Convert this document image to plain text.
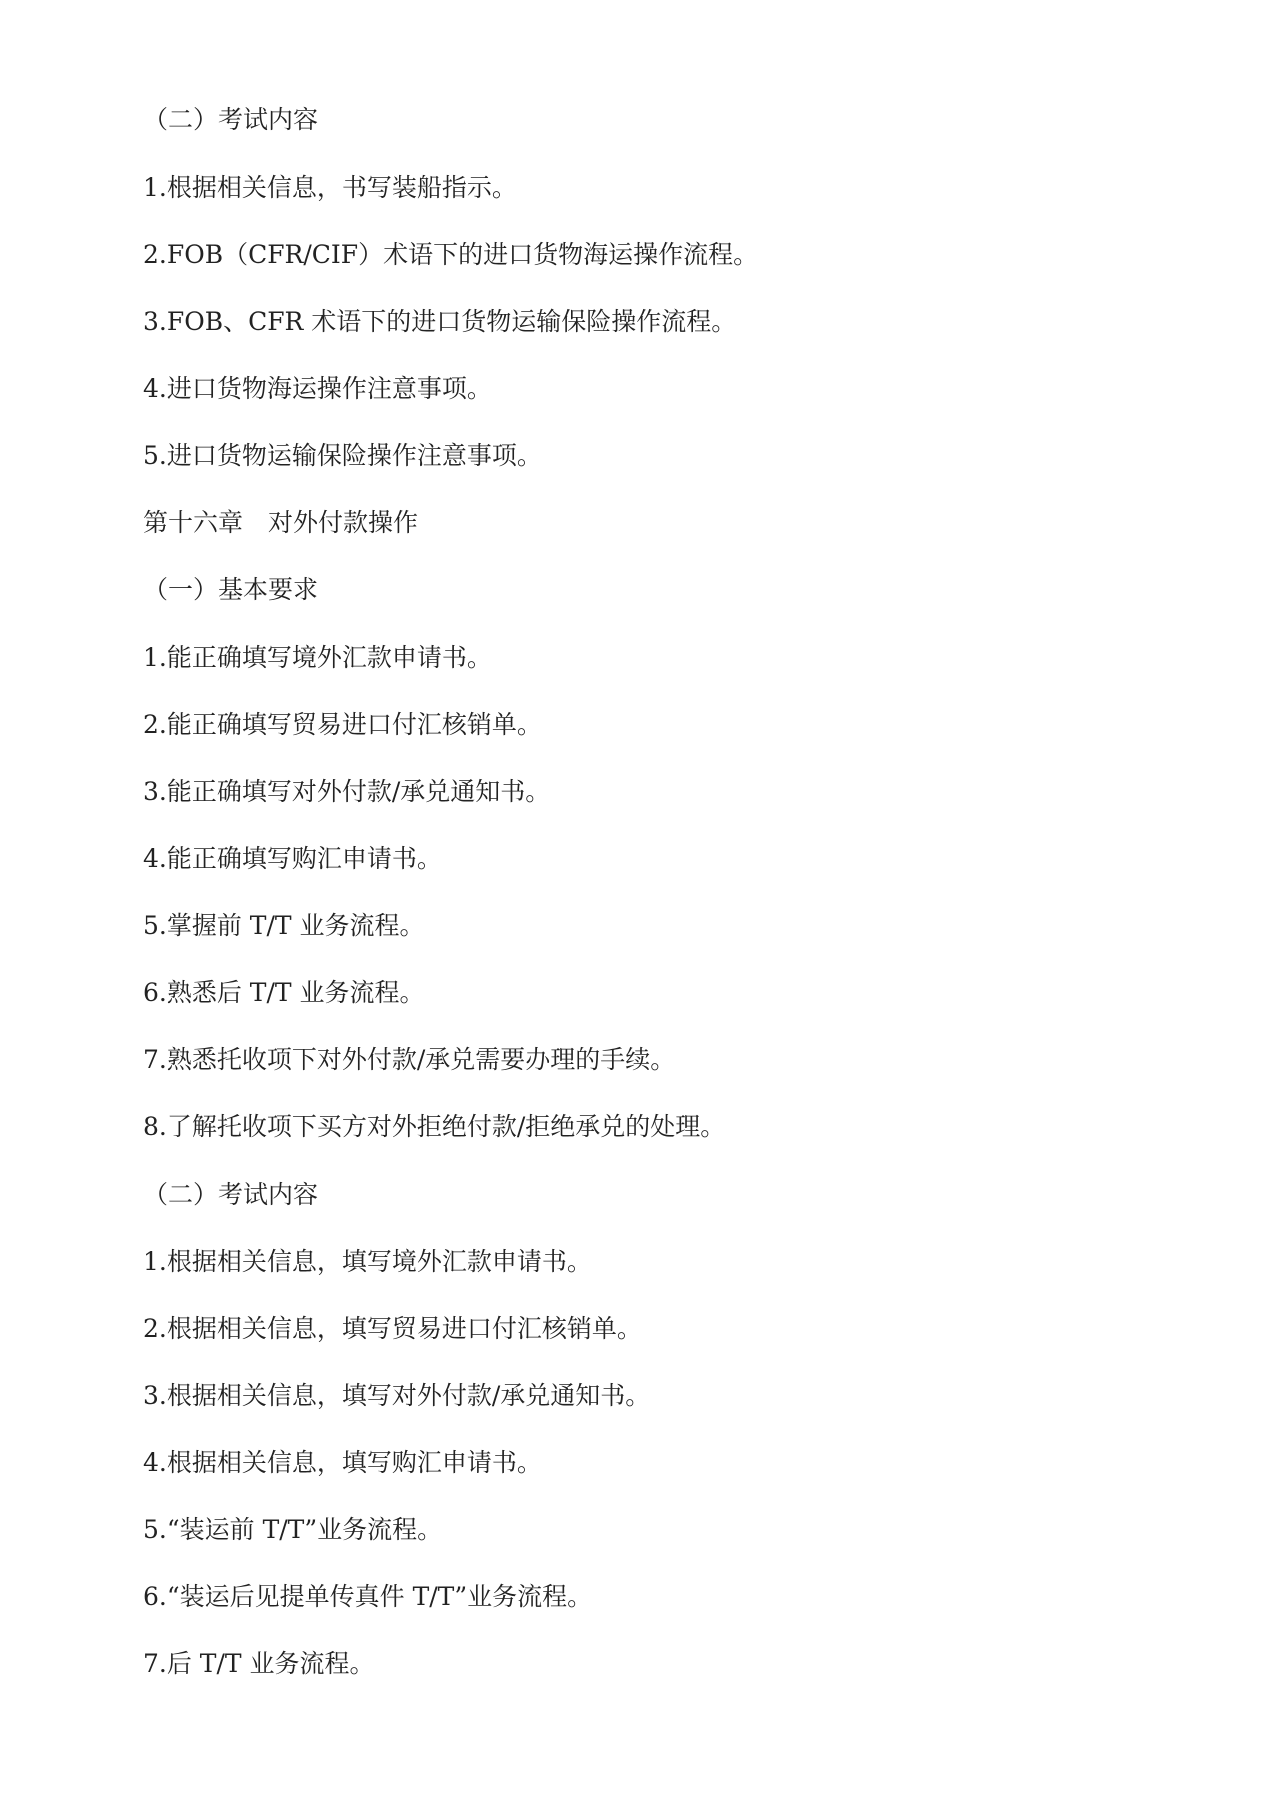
（二）考试内容
1.根据相关信息，书写装船指示。
2.FOB（CFR/CIF）术语下的进口货物海运操作流程。
3.FOB、CFR 术语下的进口货物运输保险操作流程。
4.进口货物海运操作注意事项。
5.进口货物运输保险操作注意事项。
第十六章　对外付款操作
（一）基本要求
1.能正确填写境外汇款申请书。
2.能正确填写贸易进口付汇核销单。
3.能正确填写对外付款/承兑通知书。
4.能正确填写购汇申请书。
5.掌握前 T/T 业务流程。
6.熟悉后 T/T 业务流程。
7.熟悉托收项下对外付款/承兑需要办理的手续。
8.了解托收项下买方对外拒绝付款/拒绝承兑的处理。
（二）考试内容
1.根据相关信息，填写境外汇款申请书。
2.根据相关信息，填写贸易进口付汇核销单。
3.根据相关信息，填写对外付款/承兑通知书。
4.根据相关信息，填写购汇申请书。
5.“装运前 T/T”业务流程。
6.“装运后见提单传真件 T/T”业务流程。
7.后 T/T 业务流程。
